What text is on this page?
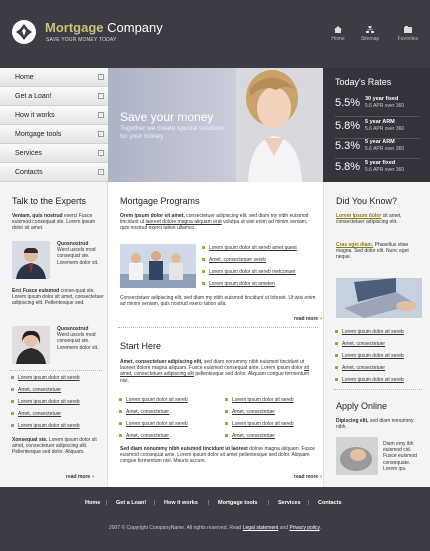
Mortgage Company
SAVE YOUR MONEY TODAY	Home	Sitemap	Favorites
Home	›
Get a Loan!	›
How it works	›
Mortgage tools	›
Services	›
Contacts	›
Save your money
Together we create special solutions for your money
Today's Rates
5.5% 30 year fixed
5.6 APR over 360
5.8% 5 year ARM
5.6 APR over 360
5.3% 5 year ARM
5.6 APR over 360
5.8% 5 year fixed
5.6 APR over 360
Talk to the Experts
Veniam, quis nostrud exerci Fusce euismod consequat ste. Lorem ipsum dolor sit amet.
Quosnostrud
Werd uscels mod consequat ste. Loremem dolor sit.
Erci Fusce euismod conse-quat ste. Lorem ipsum dolor sit amet, consectetuer adipiscing elit. Pellentesque sed.
Quosnostrud
Werd uscels mod consequat ste. Loremem dolor sit.
Lorem ipsum dolor sit sereb
Amet, consectetuer
Lorem ipsum dolor sit sereb
Amet, consectetuer
Lorem ipsum dolor sit sereb
Xonsequat ste. Lorem ipsum dolor sit amet, consectetuer adipiscing elit. Pellentesque sed dolor. Aliquam.
read more »
Mortgage Programs
Orem ipsum dolor sit amet, consectetuer adipiscing elit, sed diam my nibh euismod tincidunt ut laoreet dolore magna aliquam erat volutpa ut wisi enim ad minim veniam, quis nostrud exerci tation ullamco.
Lorem ipsum dolor sit sereb amet quest
Amet, consectetuer sereb
Lorem ipsum dolor sit sereb metconuer
Lorem ipsum dolor sit ameten
Consectetuer adipiscing elit, sed diam my nibh euismod tincidunt ut lobreet. Ut wisi enim ad minim veniam, quis nostrud exerci tation ulla.
read more »
Start Here
Amet, consectetuer adipiscing elit, sed diam nonummy nibh euismod tincidunt ut laoreet dolore magna aliquam. Fusce euismod consequat ante. Lorem ipsum dolor sit amet, consectetuer adipiscing elit pellentesque sed dolor. Aliquam congue fermentum nisl.
Lorem ipsum dolor sit sereb
Amet, consectetuer
Lorem ipsum dolor sit sereb
Amet, consectetuer
Lorem ipsum dolor sit sereb
Amet, consectetuer
Lorem ipsum dolor sit sereb
Amet, consectetuer
Sed diam nonummy nibh euismod tincidunt ut laoreet dolore magna aliquam. Fusce euismod consequat ante. Lorem ipsum dolor sit amet pellentesque sed dolor. Aliquam congue fermentum nisl. Mauris accum.
read more »
Did You Know?
Lorem ipsum dolor sit amet, consectetuer adipiscing elit.
Cras eget diam. Phasellus vitae magna. Sed dolor elit. Nunc eget neque.
Lorem ipsum dolor sit sereb
Amet, consectetuer
Lorem ipsum dolor sit sereb
Amet, consectetuer
Lorem ipsum dolor sit sereb
Apply Online
Dipiscing elit, sed diam nonummy nibh.
Diam emy ibh euismod cid. Fusce euismod consequate. Lorem ips.
Home | Get a Loan! | How it works | Mortgage tools | Services | Contacts
2007 © Copyright CompanyName. All rights reserved. Read Legal statement and Privacy policy.
